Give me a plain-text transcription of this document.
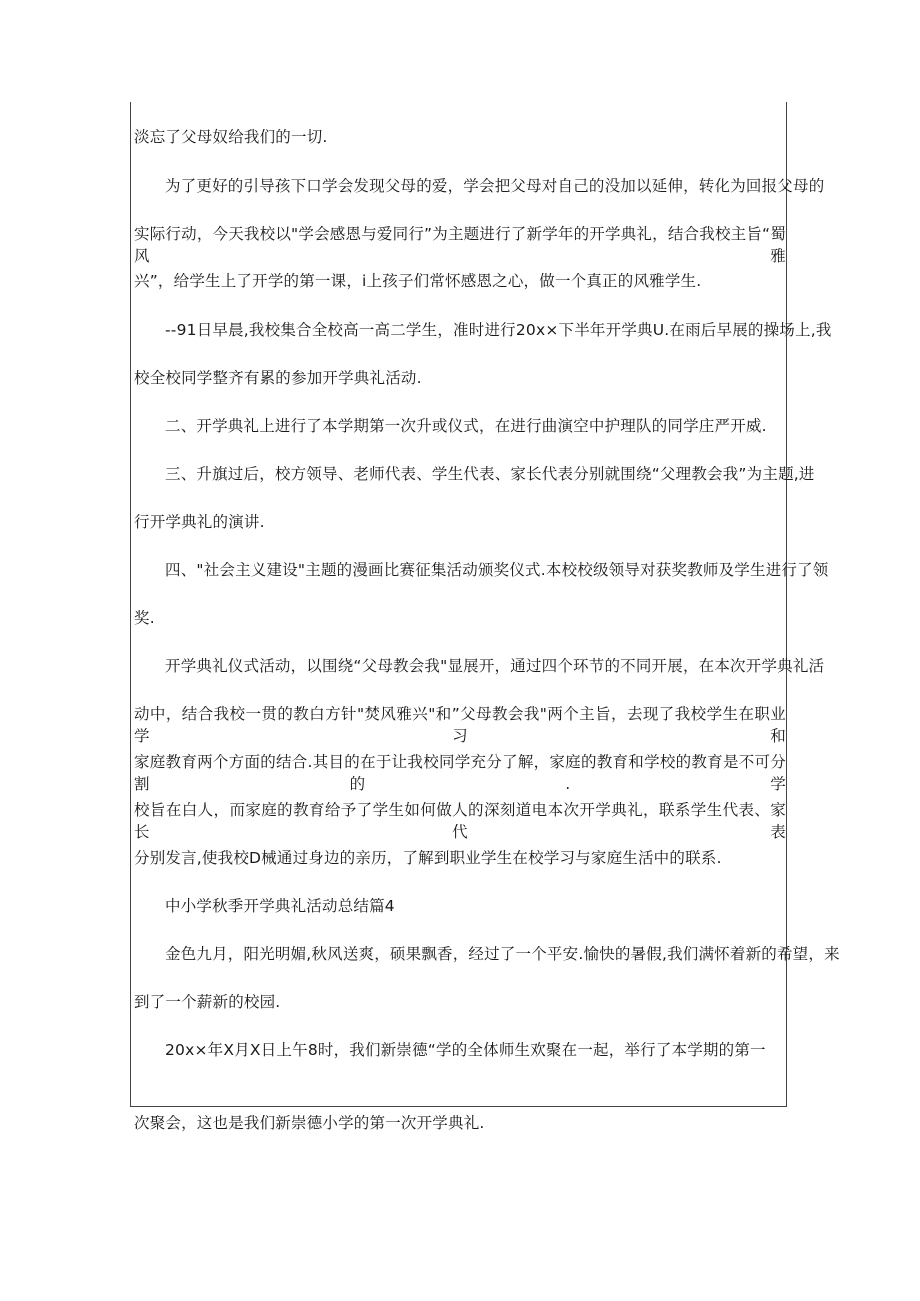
淡忘了父母奴给我们的一切.
为了更好的引导孩下口学会发现父母的爱，学会把父母对自己的没加以延伸，转化为回报父母的
实际行动，今天我校以"学会感恩与爱同行”为主题进行了新学年的开学典礼，结合我校主旨“蜀风雅
兴”，给学生上了开学的第一课，i上孩子们常怀感恩之心，做一个真正的风雅学生.
--91日早晨,我校集合全校高一高二学生，准时进行20x×下半年开学典U.在雨后早展的操场上,我
校全校同学整齐有累的参加开学典礼活动.
二、开学典礼上进行了本学期第一次升或仪式，在进行曲演空中护理队的同学庄严开威.
三、升旗过后，校方领导、老师代表、学生代表、家长代表分别就围绕“父理教会我”为主题,进
行开学典礼的演讲.
四、"社会主义建设"主题的漫画比赛征集活动颁奖仪式.本校校级领导对获奖教师及学生进行了领
奖.
开学典礼仪式活动，以围绕“父母教会我"显展开，通过四个环节的不同开展，在本次开学典礼活
动中，结合我校一贯的教白方针"焚风雅兴"和”父母教会我"两个主旨，去现了我校学生在职业学习和
家庭教育两个方面的结合.其目的在于让我校同学充分了解，家庭的教育和学校的教育是不可分割的.学
校旨在白人，而家庭的教育给予了学生如何做人的深刻道电本次开学典礼，联系学生代表、家长代表
分别发言,使我校D械通过身边的亲历，了解到职业学生在校学习与家庭生活中的联系.
中小学秋季开学典礼活动总结篇4
金色九月，阳光明媚,秋风送爽，硕果飘香，经过了一个平安.愉快的暑假,我们满怀着新的希望，来
到了一个薪新的校园.
20x×年X月X日上午8时，我们新崇德“学的全体师生欢聚在一起，举行了本学期的第一
次聚会，这也是我们新崇德小学的第一次开学典礼.
